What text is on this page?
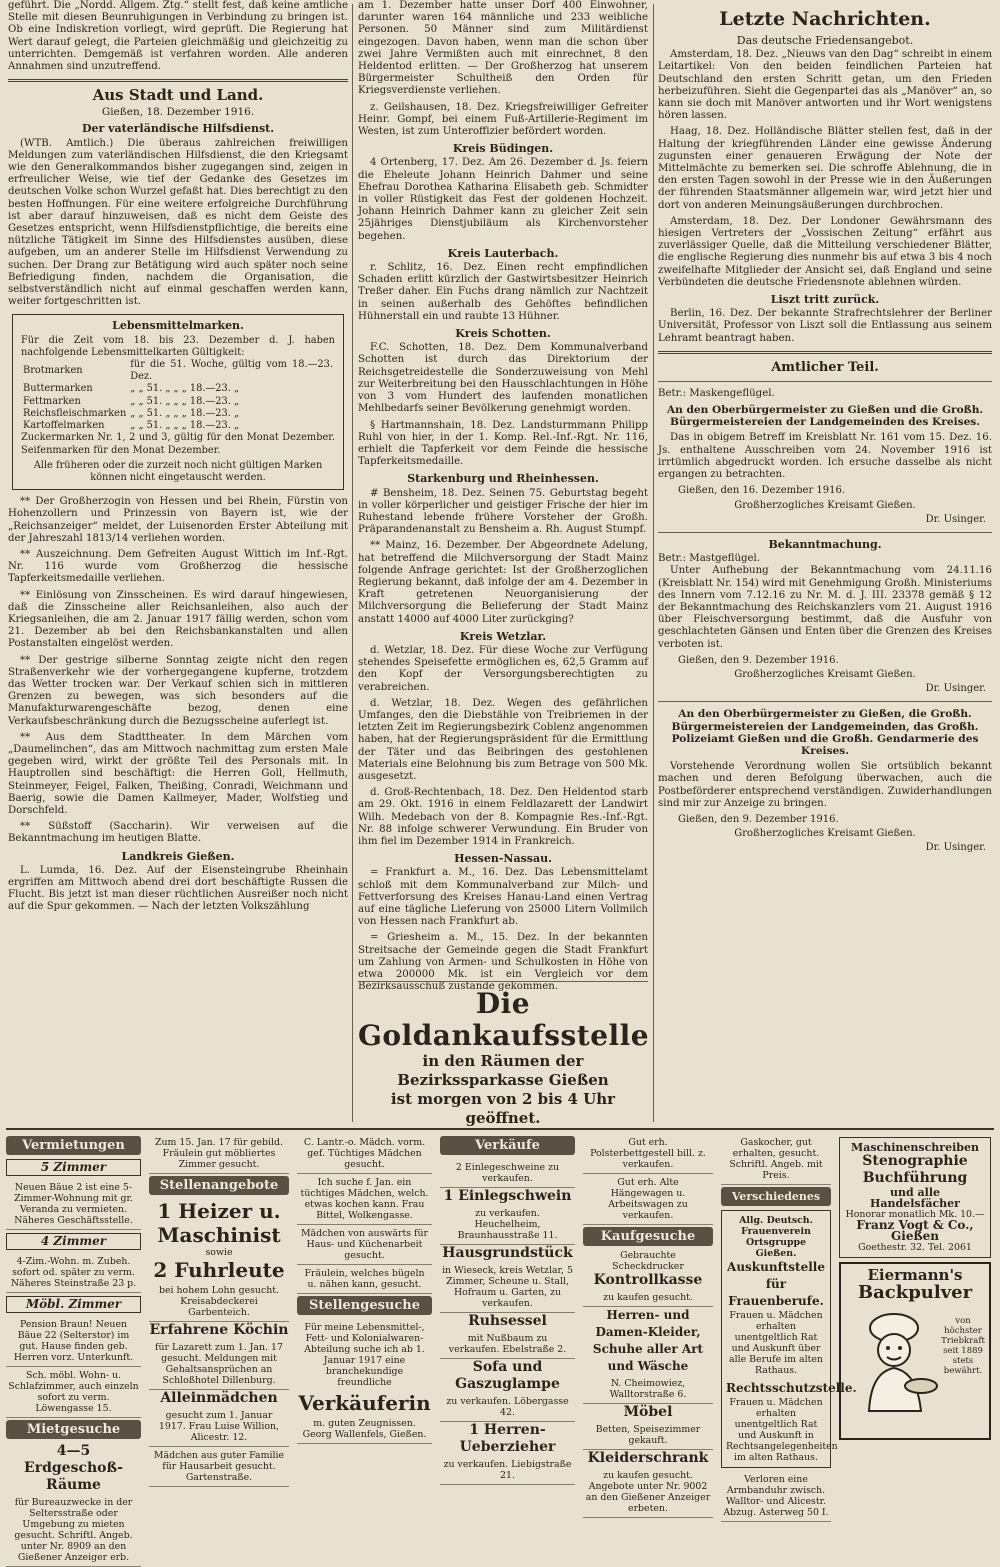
geführt. Die „Nordd. Allgem. Ztg.“ stellt fest, daß keine amtliche Stelle mit diesen Beunruhigungen in Verbindung zu bringen ist. Ob eine Indiskretion vorliegt, wird geprüft. Die Regierung hat Wert darauf gelegt, die Parteien gleichmäßig und gleichzeitig zu unterrichten. Demgemäß ist verfahren worden. Alle anderen Annahmen sind unzutreffend.

Aus Stadt und Land.
Gießen, 18. Dezember 1916.
Der vaterländische Hilfsdienst.

(WTB. Amtlich.) Die überaus zahlreichen freiwilligen Meldungen zum vaterländischen Hilfsdienst, die den Kriegsamt wie den Generalkommandos bisher zugegangen sind, zeigen in erfreulicher Weise, wie tief der Gedanke des Gesetzes im deutschen Volke schon Wurzel gefaßt hat. Dies berechtigt zu den besten Hoffnungen. Für eine weitere erfolgreiche Durchführung ist aber darauf hinzuweisen, daß es nicht dem Geiste des Gesetzes entspricht, wenn Hilfsdienstpflichtige, die bereits eine nützliche Tätigkeit im Sinne des Hilfsdienstes ausüben, diese aufgeben, um an anderer Stelle im Hilfsdienst Verwendung zu suchen. Der Drang zur Betätigung wird auch später noch seine Befriedigung finden, nachdem die Organisation, die selbstverständlich nicht auf einmal geschaffen werden kann, weiter fortgeschritten ist.

Lebensmittelmarken.
Für die Zeit vom 18. bis 23. Dezember d. J. haben nachfolgende Lebensmittelkarten Gültigkeit:
Brotmarken	für die 51. Woche, gültig vom 18.—23. Dez.
Buttermarken	„ „ 51. „ „ „ 18.—23. „
Fettmarken	„ „ 51. „ „ „ 18.—23. „
Reichsfleischmarken	„ „ 51. „ „ „ 18.—23. „
Kartoffelmarken	„ „ 51. „ „ „ 18.—23. „
Zuckermarken Nr. 1, 2 und 3, gültig für den Monat Dezember. Seifenmarken für den Monat Dezember.
Alle früheren oder die zurzeit noch nicht gültigen Marken können nicht eingetauscht werden.

** Der Großherzogin von Hessen und bei Rhein, Fürstin von Hohenzollern und Prinzessin von Bayern ist, wie der „Reichsanzeiger“ meldet, der Luisenorden Erster Abteilung mit der Jahreszahl 1813/14 verliehen worden.

** Auszeichnung. Dem Gefreiten August Wittich im Inf.-Rgt. Nr. 116 wurde vom Großherzog die hessische Tapferkeitsmedaille verliehen.

** Einlösung von Zinsscheinen. Es wird darauf hingewiesen, daß die Zinsscheine aller Reichsanleihen, also auch der Kriegsanleihen, die am 2. Januar 1917 fällig werden, schon vom 21. Dezember ab bei den Reichsbankanstalten und allen Postanstalten eingelöst werden.

** Der gestrige silberne Sonntag zeigte nicht den regen Straßenverkehr wie der vorhergegangene kupferne, trotzdem das Wetter trocken war. Der Verkauf schien sich in mittleren Grenzen zu bewegen, was sich besonders auf die Manufakturwarengeschäfte bezog, denen eine Verkaufsbeschränkung durch die Bezugsscheine auferlegt ist.

** Aus dem Stadttheater. In dem Märchen vom „Daumelinchen“, das am Mittwoch nachmittag zum ersten Male gegeben wird, wirkt der größte Teil des Personals mit. In Hauptrollen sind beschäftigt: die Herren Goll, Hellmuth, Steinmeyer, Feigel, Falken, Theißing, Conradi, Weichmann und Baerig, sowie die Damen Kallmeyer, Mader, Wolfstieg und Dorschfeld.

** Süßstoff (Saccharin). Wir verweisen auf die Bekanntmachung im heutigen Blatte.

Landkreis Gießen.

L. Lumda, 16. Dez. Auf der Eisensteingrube Rheinhain ergriffen am Mittwoch abend drei dort beschäftigte Russen die Flucht. Bis jetzt ist man dieser rüchtlichen Ausreißer noch nicht auf die Spur gekommen. — Nach der letzten Volkszählung

am 1. Dezember hatte unser Dorf 400 Einwohner, darunter waren 164 männliche und 233 weibliche Personen. 50 Männer sind zum Militärdienst eingezogen. Davon haben, wenn man die schon über zwei Jahre Vermißten auch mit einrechnet, 8 den Heldentod erlitten. — Der Großherzog hat unserem Bürgermeister Schultheiß den Orden für Kriegsverdienste verliehen.

z. Geilshausen, 18. Dez. Kriegsfreiwilliger Gefreiter Heinr. Gompf, bei einem Fuß-Artillerie-Regiment im Westen, ist zum Unteroffizier befördert worden.

Kreis Büdingen.

4 Ortenberg, 17. Dez. Am 26. Dezember d. Js. feiern die Eheleute Johann Heinrich Dahmer und seine Ehefrau Dorothea Katharina Elisabeth geb. Schmidter in voller Rüstigkeit das Fest der goldenen Hochzeit. Johann Heinrich Dahmer kann zu gleicher Zeit sein 25jähriges Dienstjubiläum als Kirchenvorsteher begehen.

Kreis Lauterbach.

r. Schlitz, 16. Dez. Einen recht empfindlichen Schaden erlitt kürzlich der Gastwirtsbesitzer Heinrich Treßer daher. Ein Fuchs drang nämlich zur Nachtzeit in seinen außerhalb des Gehöftes befindlichen Hühnerstall ein und raubte 13 Hühner.

Kreis Schotten.

F.C. Schotten, 18. Dez. Dem Kommunalverband Schotten ist durch das Direktorium der Reichsgetreidestelle die Sonderzuweisung von Mehl zur Weiterbreitung bei den Hausschlachtungen in Höhe von 3 vom Hundert des laufenden monatlichen Mehlbedarfs seiner Bevölkerung genehmigt worden.

§ Hartmannshain, 18. Dez. Landsturmmann Philipp Ruhl von hier, in der 1. Komp. Rel.-Inf.-Rgt. Nr. 116, erhielt die Tapferkeit vor dem Feinde die hessische Tapferkeitsmedaille.

Starkenburg und Rheinhessen.

# Bensheim, 18. Dez. Seinen 75. Geburtstag begeht in voller körperlicher und geistiger Frische der hier im Ruhestand lebende frühere Vorsteher der Großh. Präparandenanstalt zu Bensheim a. Rh. August Stumpf.

** Mainz, 16. Dezember. Der Abgeordnete Adelung, hat betreffend die Milchversorgung der Stadt Mainz folgende Anfrage gerichtet: Ist der Großherzoglichen Regierung bekannt, daß infolge der am 4. Dezember in Kraft getretenen Neuorganisierung der Milchversorgung die Belieferung der Stadt Mainz anstatt 14000 auf 4000 Liter zurückging?

Kreis Wetzlar.

d. Wetzlar, 18. Dez. Für diese Woche zur Verfügung stehendes Speisefette ermöglichen es, 62,5 Gramm auf den Kopf der Versorgungsberechtigten zu verabreichen.

d. Wetzlar, 18. Dez. Wegen des gefährlichen Umfanges, den die Diebstähle von Treibriemen in der letzten Zeit im Regierungsbezirk Coblenz angenommen haben, hat der Regierungspräsident für die Ermittlung der Täter und das Beibringen des gestohlenen Materials eine Belohnung bis zum Betrage von 500 Mk. ausgesetzt.

d. Groß-Rechtenbach, 18. Dez. Den Heldentod starb am 29. Okt. 1916 in einem Feldlazarett der Landwirt Wilh. Medebach von der 8. Kompagnie Res.-Inf.-Rgt. Nr. 88 infolge schwerer Verwundung. Ein Bruder von ihm fiel im Dezember 1914 in Frankreich.

Hessen-Nassau.

= Frankfurt a. M., 16. Dez. Das Lebensmittelamt schloß mit dem Kommunalverband zur Milch- und Fettverforsung des Kreises Hanau-Land einen Vertrag auf eine tägliche Lieferung von 25000 Litern Vollmilch von Hessen nach Frankfurt ab.

= Griesheim a. M., 15. Dez. In der bekannten Streitsache der Gemeinde gegen die Stadt Frankfurt um Zahlung von Armen- und Schulkosten in Höhe von etwa 200000 Mk. ist ein Vergleich vor dem Bezirksausschuß zustande gekommen.

Die Goldankaufsstelle
in den Räumen der Bezirkssparkasse Gießen
ist morgen von 2 bis 4 Uhr geöffnet.
Letzte Nachrichten.
Das deutsche Friedensangebot.

Amsterdam, 18. Dez. „Nieuws van den Dag“ schreibt in einem Leitartikel: Von den beiden feindlichen Parteien hat Deutschland den ersten Schritt getan, um den Frieden herbeizuführen. Sieht die Gegenpartei das als „Manöver“ an, so kann sie doch mit Manöver antworten und ihr Wort wenigstens hören lassen.

Haag, 18. Dez. Holländische Blätter stellen fest, daß in der Haltung der kriegführenden Länder eine gewisse Änderung zugunsten einer genaueren Erwägung der Note der Mittelmächte zu bemerken sei. Die schroffe Ablehnung, die in den ersten Tagen sowohl in der Presse wie in den Äußerungen der führenden Staatsmänner allgemein war, wird jetzt hier und dort von anderen Meinungsäußerungen durchbrochen.

Amsterdam, 18. Dez. Der Londoner Gewährsmann des hiesigen Vertreters der „Vossischen Zeitung“ erfährt aus zuverlässiger Quelle, daß die Mitteilung verschiedener Blätter, die englische Regierung dies nunmehr bis auf etwa 3 bis 4 noch zweifelhafte Mitglieder der Ansicht sei, daß England und seine Verbündeten die deutsche Friedensnote ablehnen würden.

Liszt tritt zurück.

Berlin, 16. Dez. Der bekannte Strafrechtslehrer der Berliner Universität, Professor von Liszt soll die Entlassung aus seinem Lehramt beantragt haben.

Amtlicher Teil.
Betr.: Maskengeflügel.
An den Oberbürgermeister zu Gießen und die Großh. Bürgermeistereien der Landgemeinden des Kreises.

Das in obigem Betreff im Kreisblatt Nr. 161 vom 15. Dez. 16. Js. enthaltene Ausschreiben vom 24. November 1916 ist irrtümlich abgedruckt worden. Ich ersuche dasselbe als nicht ergangen zu betrachten.

Gießen, den 16. Dezember 1916.
Großherzogliches Kreisamt Gießen.
Dr. Usinger.
Bekanntmachung.
Betr.: Mastgeflügel.

Unter Aufhebung der Bekanntmachung vom 24.11.16 (Kreisblatt Nr. 154) wird mit Genehmigung Großh. Ministeriums des Innern vom 7.12.16 zu Nr. M. d. J. III. 23378 gemäß § 12 der Bekanntmachung des Reichskanzlers vom 21. August 1916 über Fleischversorgung bestimmt, daß die Ausfuhr von geschlachteten Gänsen und Enten über die Grenzen des Kreises verboten ist.

Gießen, den 9. Dezember 1916.
Großherzogliches Kreisamt Gießen.
Dr. Usinger.
An den Oberbürgermeister zu Gießen, die Großh. Bürgermeistereien der Landgemeinden, das Großh. Polizeiamt Gießen und die Großh. Gendarmerie des Kreises.

Vorstehende Verordnung wollen Sie ortsüblich bekannt machen und deren Befolgung überwachen, auch die Postbeförderer entsprechend verständigen. Zuwiderhandlungen sind mir zur Anzeige zu bringen.

Gießen, den 9. Dezember 1916.
Großherzogliches Kreisamt Gießen.
Dr. Usinger.
Vermietungen
5 Zimmer
Neuen Bäue 2 ist eine 5-Zimmer-Wohnung mit gr. Veranda zu vermieten. Näheres Geschäftsstelle.
4 Zimmer
4-Zim.-Wohn. m. Zubeh. sofort od. später zu verm. Näheres Steinstraße 23 p.
Möbl. Zimmer
Pension Braun! Neuen Bäue 22 (Selterstor) im gut. Hause finden geb. Herren vorz. Unterkunft.
Sch. möbl. Wohn- u. Schlafzimmer, auch einzeln sofort zu verm. Löwengasse 15.
Mietgesuche
4—5 Erdgeschoß-Räume
für Bureauzwecke in der Seltersstraße oder Umgebung zu mieten gesucht. Schriftl. Angeb. unter Nr. 8909 an den Gießener Anzeiger erb.
Zum 15. Jan. 17 für gebild. Fräulein gut möbliertes Zimmer gesucht.
Stellenangebote
1 Heizer u. Maschinist
sowie
2 Fuhrleute
bei hohem Lohn gesucht. Kreisabdeckerei Garbenteich.
Erfahrene Köchin
für Lazarett zum 1. Jan. 17 gesucht. Meldungen mit Gehaltsansprüchen an Schloßhotel Dillenburg.
Alleinmädchen
gesucht zum 1. Januar 1917. Frau Luise Willion, Alicestr. 12.
Mädchen aus guter Familie für Hausarbeit gesucht. Gartenstraße.
C. Lantr.-o. Mädch. vorm. gef. Tüchtiges Mädchen gesucht.
Ich suche f. Jan. ein tüchtiges Mädchen, welch. etwas kochen kann. Frau Bittel, Wolkengasse.
Mädchen von auswärts für Haus- und Küchenarbeit gesucht.
Fräulein, welches bügeln u. nähen kann, gesucht.
Stellengesuche
Für meine Lebensmittel-, Fett- und Kolonialwaren-Abteilung suche ich ab 1. Januar 1917 eine branchekundige freundliche
Verkäuferin
m. guten Zeugnissen. Georg Wallenfels, Gießen.
Verkäufe
2 Einlegeschweine zu verkaufen.
1 Einlegschwein
zu verkaufen. Heuchelheim, Braunhausstraße 11.
Hausgrundstück
in Wieseck, kreis Wetzlar, 5 Zimmer, Scheune u. Stall, Hofraum u. Garten, zu verkaufen.
Ruhsessel
mit Nußbaum zu verkaufen. Ebelstraße 2.
Sofa und Gaszuglampe
zu verkaufen. Löbergasse 42.
1 Herren-Ueberzieher
zu verkaufen. Liebigstraße 21.
Gut erh. Polsterbettgestell bill. z. verkaufen.
Gut erh. Alte Hängewagen u. Arbeitswagen zu verkaufen.
Kaufgesuche
Gebrauchte Scheckdrucker
Kontrollkasse
zu kaufen gesucht.
Herren- und Damen-Kleider, Schuhe aller Art und Wäsche
N. Cheimowiez, Walltorstraße 6.
Möbel
Betten, Speisezimmer gekauft.
Kleiderschrank
zu kaufen gesucht. Angebote unter Nr. 9002 an den Gießener Anzeiger erbeten.
Gaskocher, gut erhalten, gesucht. Schriftl. Angeb. mit Preis.
Verschiedenes
Allg. Deutsch. Frauenverein Ortsgruppe Gießen.
Auskunftstelle für Frauenberufe.
Frauen u. Mädchen erhalten unentgeltlich Rat und Auskunft über alle Berufe im alten Rathaus.
Rechtsschutzstelle.
Frauen u. Mädchen erhalten unentgeltlich Rat und Auskunft in Rechtsangelegenheiten im alten Rathaus.
Verloren eine Armbanduhr zwisch. Walltor- und Alicestr. Abzug. Asterweg 50 I.
Maschinenschreiben
Stenographie
Buchführung
und alle Handelsfächer
Honorar monatlich Mk. 10.—
Franz Vogt & Co., Gießen
Goethestr. 32. Tel. 2061
Eiermann's
Backpulver
von höchster Triebkraft seit 1889 stets bewährt.
